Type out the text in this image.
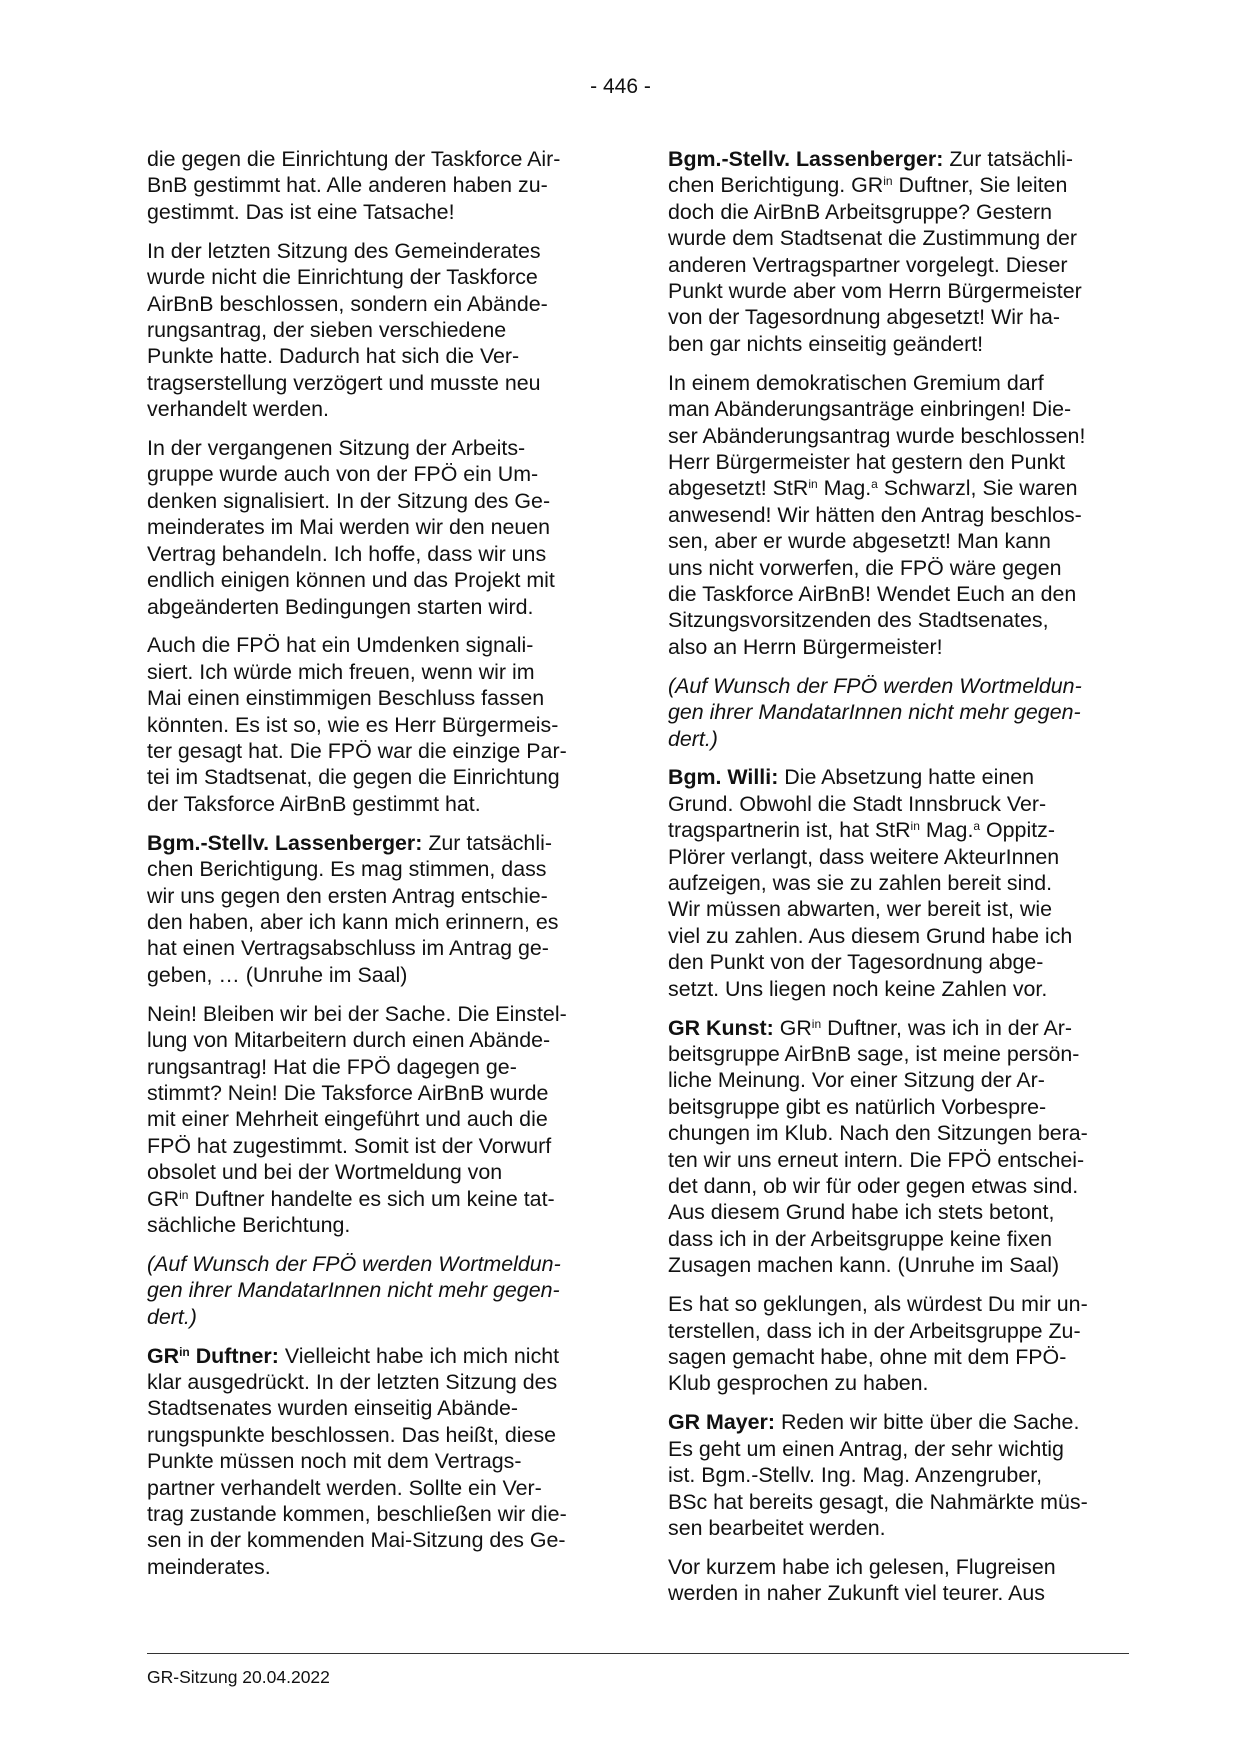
- 446 -

die gegen die Einrichtung der Taskforce Air-
BnB gestimmt hat. Alle anderen haben zu-
gestimmt. Das ist eine Tatsache!

In der letzten Sitzung des Gemeinderates
wurde nicht die Einrichtung der Taskforce
AirBnB beschlossen, sondern ein Abände-
rungsantrag, der sieben verschiedene
Punkte hatte. Dadurch hat sich die Ver-
tragserstellung verzögert und musste neu
verhandelt werden.

In der vergangenen Sitzung der Arbeits-
gruppe wurde auch von der FPÖ ein Um-
denken signalisiert. In der Sitzung des Ge-
meinderates im Mai werden wir den neuen
Vertrag behandeln. Ich hoffe, dass wir uns
endlich einigen können und das Projekt mit
abgeänderten Bedingungen starten wird.

Auch die FPÖ hat ein Umdenken signali-
siert. Ich würde mich freuen, wenn wir im
Mai einen einstimmigen Beschluss fassen
könnten. Es ist so, wie es Herr Bürgermeis-
ter gesagt hat. Die FPÖ war die einzige Par-
tei im Stadtsenat, die gegen die Einrichtung
der Taksforce AirBnB gestimmt hat.

Bgm.-Stellv. Lassenberger: Zur tatsächli-
chen Berichtigung. Es mag stimmen, dass
wir uns gegen den ersten Antrag entschie-
den haben, aber ich kann mich erinnern, es
hat einen Vertragsabschluss im Antrag ge-
geben, … (Unruhe im Saal)

Nein! Bleiben wir bei der Sache. Die Einstel-
lung von Mitarbeitern durch einen Abände-
rungsantrag! Hat die FPÖ dagegen ge-
stimmt? Nein! Die Taksforce AirBnB wurde
mit einer Mehrheit eingeführt und auch die
FPÖ hat zugestimmt. Somit ist der Vorwurf
obsolet und bei der Wortmeldung von
$GR^{in}$ Duftner handelte es sich um keine tat-
sächliche Berichtung.

(Auf Wunsch der FPÖ werden Wortmeldun-
gen ihrer MandatarInnen nicht mehr gegen-
dert.)

$GR^{in}$ Duftner: Vielleicht habe ich mich nicht
klar ausgedrückt. In der letzten Sitzung des
Stadtsenates wurden einseitig Abände-
rungspunkte beschlossen. Das heißt, diese
Punkte müssen noch mit dem Vertrags-
partner verhandelt werden. Sollte ein Ver-
trag zustande kommen, beschließen wir die-
sen in der kommenden Mai-Sitzung des Ge-
meinderates.

Bgm.-Stellv. Lassenberger: Zur tatsächli-
chen Berichtigung. $GR^{in}$ Duftner, Sie leiten
doch die AirBnB Arbeitsgruppe? Gestern
wurde dem Stadtsenat die Zustimmung der
anderen Vertragspartner vorgelegt. Dieser
Punkt wurde aber vom Herrn Bürgermeister
von der Tagesordnung abgesetzt! Wir ha-
ben gar nichts einseitig geändert!

In einem demokratischen Gremium darf
man Abänderungsanträge einbringen! Die-
ser Abänderungsantrag wurde beschlossen!
Herr Bürgermeister hat gestern den Punkt
abgesetzt! StR$^{in}$ Mag.$^a$ Schwarzl, Sie waren
anwesend! Wir hätten den Antrag beschlos-
sen, aber er wurde abgesetzt! Man kann
uns nicht vorwerfen, die FPÖ wäre gegen
die Taskforce AirBnB! Wendet Euch an den
Sitzungsvorsitzenden des Stadtsenates,
also an Herrn Bürgermeister!

(Auf Wunsch der FPÖ werden Wortmeldun-
gen ihrer MandatarInnen nicht mehr gegen-
dert.)

Bgm. Willi: Die Absetzung hatte einen
Grund. Obwohl die Stadt Innsbruck Ver-
tragspartnerin ist, hat StR$^{in}$ Mag.$^a$ Oppitz-
Plörer verlangt, dass weitere AkteurInnen
aufzeigen, was sie zu zahlen bereit sind.
Wir müssen abwarten, wer bereit ist, wie
viel zu zahlen. Aus diesem Grund habe ich
den Punkt von der Tagesordnung abge-
setzt. Uns liegen noch keine Zahlen vor.

GR Kunst: $GR^{in}$ Duftner, was ich in der Ar-
beitsgruppe AirBnB sage, ist meine persön-
liche Meinung. Vor einer Sitzung der Ar-
beitsgruppe gibt es natürlich Vorbespre-
chungen im Klub. Nach den Sitzungen bera-
ten wir uns erneut intern. Die FPÖ entschei-
det dann, ob wir für oder gegen etwas sind.
Aus diesem Grund habe ich stets betont,
dass ich in der Arbeitsgruppe keine fixen
Zusagen machen kann. (Unruhe im Saal)

Es hat so geklungen, als würdest Du mir un-
terstellen, dass ich in der Arbeitsgruppe Zu-
sagen gemacht habe, ohne mit dem FPÖ-
Klub gesprochen zu haben.

GR Mayer: Reden wir bitte über die Sache.
Es geht um einen Antrag, der sehr wichtig
ist. Bgm.-Stellv. Ing. Mag. Anzengruber,
BSc hat bereits gesagt, die Nahmärkte müs-
sen bearbeitet werden.

Vor kurzem habe ich gelesen, Flugreisen
werden in naher Zukunft viel teurer. Aus

GR-Sitzung 20.04.2022
